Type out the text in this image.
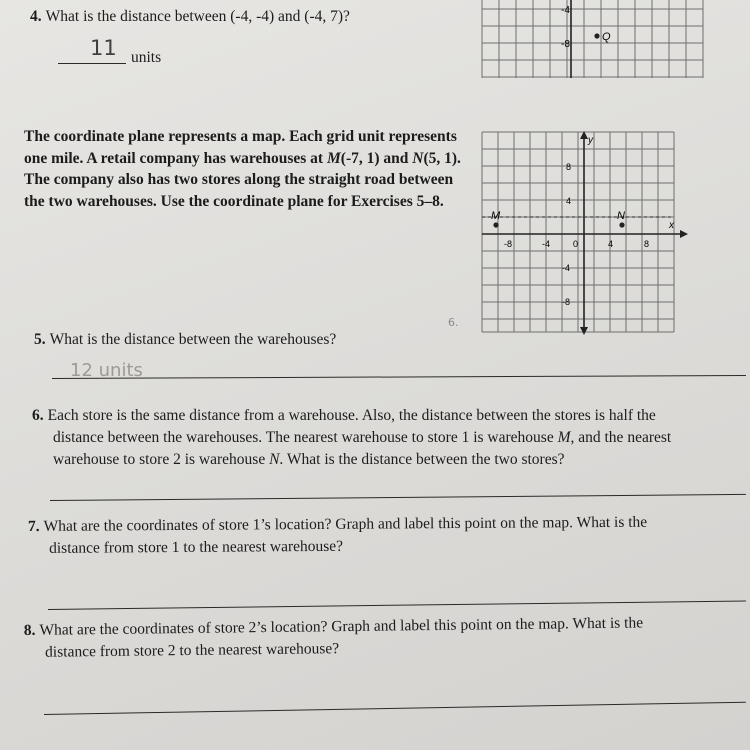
4. What is the distance between (-4, -4) and (-4, 7)?
11 units
-4
-8
Q
The coordinate plane represents a map. Each grid unit represents one mile. A retail company has warehouses at M(-7, 1) and N(5, 1). The company also has two stores along the straight road between the two warehouses. Use the coordinate plane for Exercises 5–8.
y
x
-8	-4	0	4	8
8
4
-4
-8
M	N
6.
5. What is the distance between the warehouses?
12 units
6. Each store is the same distance from a warehouse. Also, the distance between the stores is half the
distance between the warehouses. The nearest warehouse to store 1 is warehouse M, and the nearest
warehouse to store 2 is warehouse N. What is the distance between the two stores?
7. What are the coordinates of store 1’s location? Graph and label this point on the map. What is the
distance from store 1 to the nearest warehouse?
8. What are the coordinates of store 2’s location? Graph and label this point on the map. What is the
distance from store 2 to the nearest warehouse?
